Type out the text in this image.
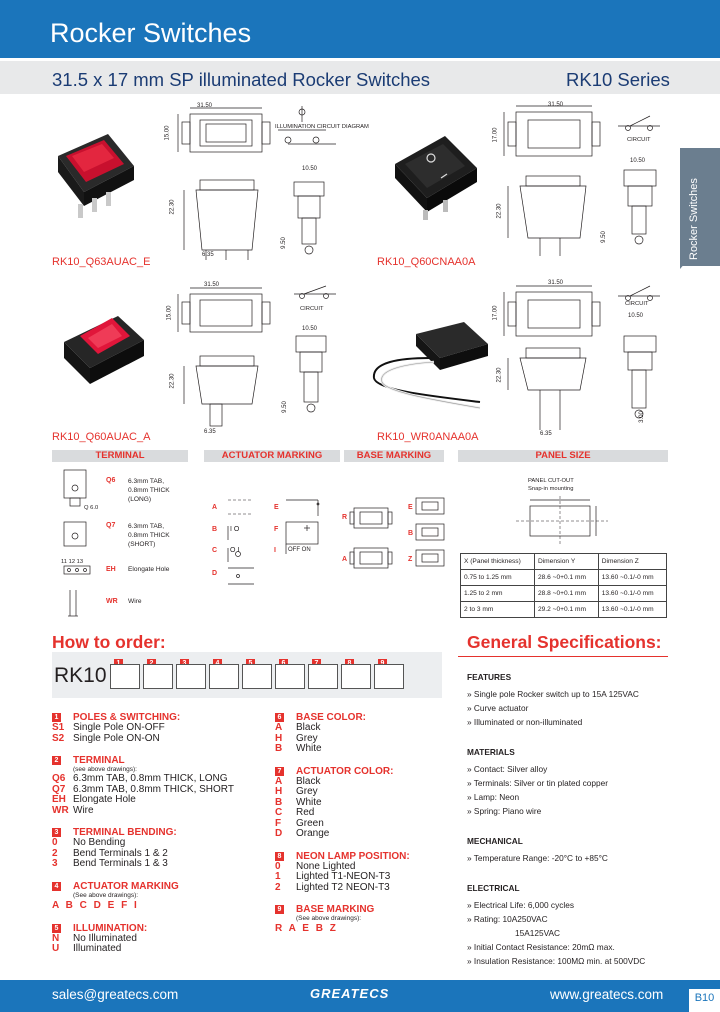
Rocker Switches
31.5 x 17 mm SP illuminated Rocker Switches	RK10 Series
Rocker Switches
31.50
15.00
22.30
6.35
ILLUMINATION CIRCUIT DIAGRAM
10.50
9.50
RK10_Q63AUAC_E
31.50
17.00
22.30
CIRCUIT
10.50
9.50
RK10_Q60CNAA0A
31.50
15.00
22.30
6.35
CIRCUIT
10.50
9.50
RK10_Q60AUAC_A
31.50
17.00
22.30
6.35
CIRCUIT
10.50
3.00
RK10_WR0ANAA0A
TERMINAL	ACTUATOR MARKING	BASE MARKING	PANEL SIZE
Q 6.0
11 12 13
Q6 6.3mm TAB,
0.8mm THICK
(LONG)
Q7 6.3mm TAB,
0.8mm THICK
(SHORT)
EH Elongate Hole
WR Wire
A
B
C
D
E
F
I
I O
O I	OFF ON
R
A
E
B
Z
PANEL CUT-OUT
Snap-in mounting
X (Panel thickness)	Dimension Y	Dimension Z
0.75 to 1.25 mm	28.6 ~0+0.1 mm	13.60 ~0.1/-0 mm
1.25 to 2 mm	28.8 ~0+0.1 mm	13.60 ~0.1/-0 mm
2 to 3 mm	29.2 ~0+0.1 mm	13.60 ~0.1/-0 mm
How to order:
RK10
1 POLES & SWITCHING:
S1 Single Pole ON-OFF
S2 Single Pole ON-ON
2 TERMINAL
(see above drawings):
Q6 6.3mm TAB, 0.8mm THICK, LONG
Q7 6.3mm TAB, 0.8mm THICK, SHORT
EH Elongate Hole
WR Wire
3 TERMINAL BENDING:
0	No Bending
2	Bend Terminals 1 & 2
3	Bend Terminals 1 & 3
4 ACTUATOR MARKING
(See above drawings):
A B C D E F I
5 ILLUMINATION:
N	No Illuminated
U	Illuminated
6 BASE COLOR:
A	Black
H	Grey
B	White
7 ACTUATOR COLOR:
A	Black
H	Grey
B	White
C	Red
F	Green
D	Orange
8 NEON LAMP POSITION:
0	None Lighted
1	Lighted T1-NEON-T3
2	Lighted T2 NEON-T3
9 BASE MARKING
(See above drawings):
R A E B Z
General Specifications:
FEATURES
» Single pole Rocker switch up to 15A 125VAC
» Curve actuator
» Illuminated or non-illuminated
MATERIALS
» Contact: Silver alloy
» Terminals: Silver or tin plated copper
» Lamp: Neon
» Spring: Piano wire
MECHANICAL
» Temperature Range: -20°C to +85°C
ELECTRICAL
» Electrical Life: 6,000 cycles
» Rating: 10A250VAC
15A125VAC
» Initial Contact Resistance: 20mΩ max.
» Insulation Resistance: 100MΩ min. at 500VDC
sales@greatecs.com	GREATECS	www.greatecs.com	B10
